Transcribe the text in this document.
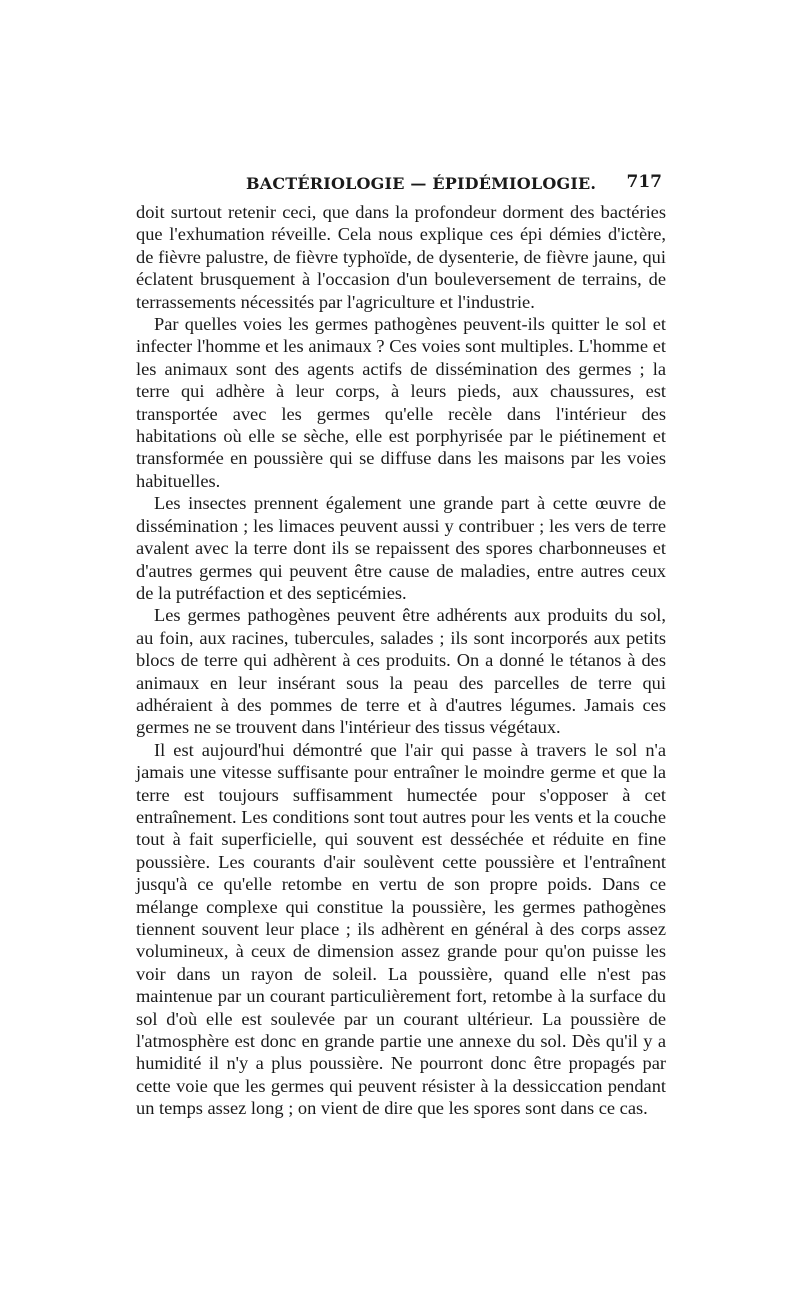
BACTÉRIOLOGIE — ÉPIDÉMIOLOGIE. 717

doit surtout retenir ceci, que dans la profondeur dorment des bactéries que l'exhumation réveille. Cela nous explique ces épi démies d'ictère, de fièvre palustre, de fièvre typhoïde, de dysenterie, de fièvre jaune, qui éclatent brusquement à l'occasion d'un bouleversement de terrains, de terrassements nécessités par l'agriculture et l'industrie.

Par quelles voies les germes pathogènes peuvent-ils quitter le sol et infecter l'homme et les animaux ? Ces voies sont multiples. L'homme et les animaux sont des agents actifs de dissémination des germes ; la terre qui adhère à leur corps, à leurs pieds, aux chaussures, est transportée avec les germes qu'elle recèle dans l'intérieur des habitations où elle se sèche, elle est porphyrisée par le piétinement et transformée en poussière qui se diffuse dans les maisons par les voies habituelles.

Les insectes prennent également une grande part à cette œuvre de dissémination ; les limaces peuvent aussi y contribuer ; les vers de terre avalent avec la terre dont ils se repaissent des spores charbonneuses et d'autres germes qui peuvent être cause de maladies, entre autres ceux de la putréfaction et des septicémies.

Les germes pathogènes peuvent être adhérents aux produits du sol, au foin, aux racines, tubercules, salades ; ils sont incorporés aux petits blocs de terre qui adhèrent à ces produits. On a donné le tétanos à des animaux en leur insérant sous la peau des parcelles de terre qui adhéraient à des pommes de terre et à d'autres légumes. Jamais ces germes ne se trouvent dans l'intérieur des tissus végétaux.

Il est aujourd'hui démontré que l'air qui passe à travers le sol n'a jamais une vitesse suffisante pour entraîner le moindre germe et que la terre est toujours suffisamment humectée pour s'opposer à cet entraînement. Les conditions sont tout autres pour les vents et la couche tout à fait superficielle, qui souvent est desséchée et réduite en fine poussière. Les courants d'air soulèvent cette poussière et l'entraînent jusqu'à ce qu'elle retombe en vertu de son propre poids. Dans ce mélange complexe qui constitue la poussière, les germes pathogènes tiennent souvent leur place ; ils adhèrent en général à des corps assez volumineux, à ceux de dimension assez grande pour qu'on puisse les voir dans un rayon de soleil. La poussière, quand elle n'est pas maintenue par un courant particulièrement fort, retombe à la surface du sol d'où elle est soulevée par un courant ultérieur. La poussière de l'atmosphère est donc en grande partie une annexe du sol. Dès qu'il y a humidité il n'y a plus poussière. Ne pourront donc être propagés par cette voie que les germes qui peuvent résister à la dessiccation pendant un temps assez long ; on vient de dire que les spores sont dans ce cas.
